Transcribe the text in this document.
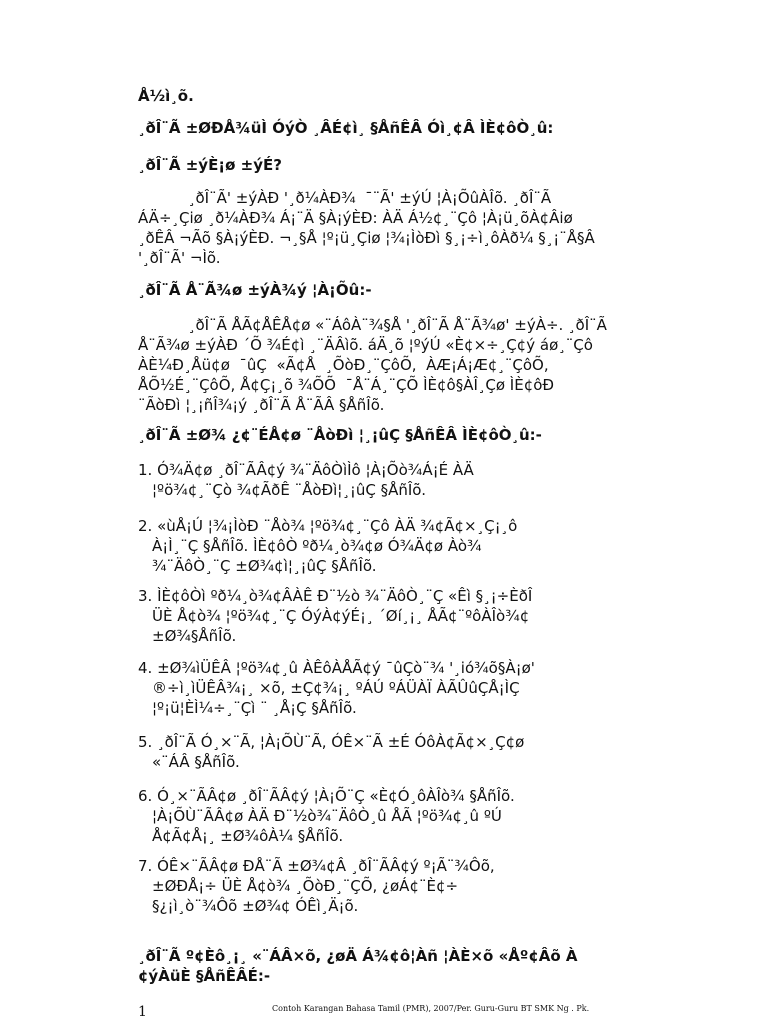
Å½ì¸õ.
¸ðÎ¨Ã ±ØÐÅ¾üÌ ÓýÒ ¸ÂÉ¢ì¸ §ÅñÊÂ Óì¸¢Â ÌÈ¢ôÒ¸û:
¸ðÎ¨Ã ±ýÈ¡ø ±ýÉ?
¸ðÎ¨Ã' ±ýÀÐ '¸ð¼ÀÐ¾  ¯¨Ã' ±ýÚ ¦À¡ÕûÀÎõ. ¸ðÎ¨Ã
ÁÄ÷¸Çiø ¸ð¼ÀÐ¾ Á¡¨Ä §À¡ýÈÐ: ÀÄ Á½¢¸¨Çô ¦À¡ü¸õÀ¢Âiø
¸ðÊÂ ¬Ãõ §À¡ýÈÐ. ¬¸§Å ¦º¡ü¸Çiø ¦¾¡ÌòÐì §¸¡÷ì¸ôÀð¼ §¸¡¨Å§Â
'¸ðÎ¨Ã' ¬Ìõ.
¸ðÎ¨Ã Å¨Ã¾ø ±ýÀ¾ý ¦À¡Õû:-
¸ðÎ¨Ã ÅÃ¢ÅÊÅ¢ø «¨ÁôÀ¨¾§Å '¸ðÎ¨Ã Å¨Ã¾ø' ±ýÀ÷. ¸ðÎ¨Ã
Å¨Ã¾ø ±ýÀÐ ´Õ ¾É¢ì ¸¨ÄÂìõ. áÄ¸õ ¦ºýÚ «È¢×÷¸Ç¢ý áø¸¨Çô
ÀÈ¼Ð¸Åü¢ø  ¯ûÇ  «Ã¢Å  ¸ÕòÐ¸¨ÇôÕ,  ÀÆ¡Á¡Æ¢¸¨ÇôÕ,
ÅÕ½É¸¨ÇôÕ, Å¢Ç¡¸õ ¾ÕÕ  ¯Å¨Á¸¨ÇÕ ÌÈ¢ô§ÀÎ¸Çø ÌÈ¢ôÐ
¨ÃòÐì ¦¸¡ñÎ¾¡ý ¸ðÎ¨Ã Å¨ÃÂ §ÅñÎõ.
¸ðÎ¨Ã ±Ø¾ ¿¢¨ÉÅ¢ø ¨ÅòÐì ¦¸¡ûÇ §ÅñÊÂ ÌÈ¢ôÒ¸û:-
1. Ó¾Ä¢ø ¸ðÎ¨ÃÂ¢ý ¾¨ÄôÒìÌô ¦À¡Õò¾Á¡É ÀÄ
¦ºö¾¢¸¨Çò ¾¢ÃðÊ ¨ÅòÐì¦¸¡ûÇ §ÅñÎõ.
2. «ùÅ¡Ú ¦¾¡ÌòÐ ¨Åò¾ ¦ºö¾¢¸¨Çô ÀÄ ¾¢Ã¢×¸Ç¡¸ô
À¡Ì¸¨Ç §ÅñÎõ. ÌÈ¢ôÒ ºð¼¸ò¾¢ø Ó¾Ä¢ø Àò¾
¾¨ÄôÒ¸¨Ç ±Ø¾¢ì¦¸¡ûÇ §ÅñÎõ.
3. ÌÈ¢ôÒì ºð¼¸ò¾¢ÂÀÊ Ð¨½ò ¾¨ÄôÒ¸¨Ç «Êì §¸¡÷ÈðÎ
ÜÈ Å¢ò¾ ¦ºö¾¢¸¨Ç ÓýÀ¢ýÉ¡¸ ´Øí¸¡¸ ÅÃ¢¨ºôÀÎò¾¢
±Ø¾§ÅñÎõ.
4. ±Ø¾ìÜÊÂ ¦ºö¾¢¸û ÀÊôÀÅÃ¢ý ¯ûÇò¨¾ '¸ió¾õ§À¡ø'
®÷ì¸ìÜÊÂ¾¡¸ ×õ, ±Ç¢¾¡¸ ºÁÚ ºÁÜÀÏ ÀÃÛûÇÅ¡ÌÇ
¦º¡ü¦ÈÌ¼÷¸¨Çì ¨ ¸Å¡Ç §ÅñÎõ.
5. ¸ðÎ¨Ã Ó¸×¨Ã, ¦À¡ÕÙ¨Ã, ÓÊ×¨Ã ±É ÓôÀ¢Ã¢×¸Ç¢ø
«¨ÁÂ §ÅñÎõ.
6. Ó¸×¨ÃÂ¢ø ¸ðÎ¨ÃÂ¢ý ¦À¡Õ¨Ç «È¢Ó¸ôÀÎò¾ §ÅñÎõ.
¦À¡ÕÙ¨ÃÂ¢ø ÀÄ Ð¨½ò¾¨ÄôÒ¸û ÅÃ ¦ºö¾¢¸û ºÚ
Å¢Ã¢Å¡¸ ±Ø¾ôÀ¼ §ÅñÎõ.
7. ÓÊ×¨ÃÂ¢ø ÐÅ¨Ã ±Ø¾¢Â ¸ðÎ¨ÃÂ¢ý º¡Ã¨¾Ôõ,
±ØÐÅ¡÷ ÜÈ Å¢ò¾ ¸ÕòÐ¸¨ÇÕ, ¿øÁ¢¨È¢÷
§¿¡ì¸ò¨¾Ôõ ±Ø¾¢ ÓÊì¸Ä¡õ.
¸ðÎ¨Ã º¢Èô¸¡¸ «¨ÁÂ×õ, ¿øÄ Á¾¢ô¦Àñ ¦ÀÈ×õ «Åº¢Âõ À
¢ýÀüÈ §ÅñÊÂÉ:-
1	Contoh Karangan Bahasa Tamil (PMR), 2007/Per. Guru-Guru BT SMK Ng . Pk.
